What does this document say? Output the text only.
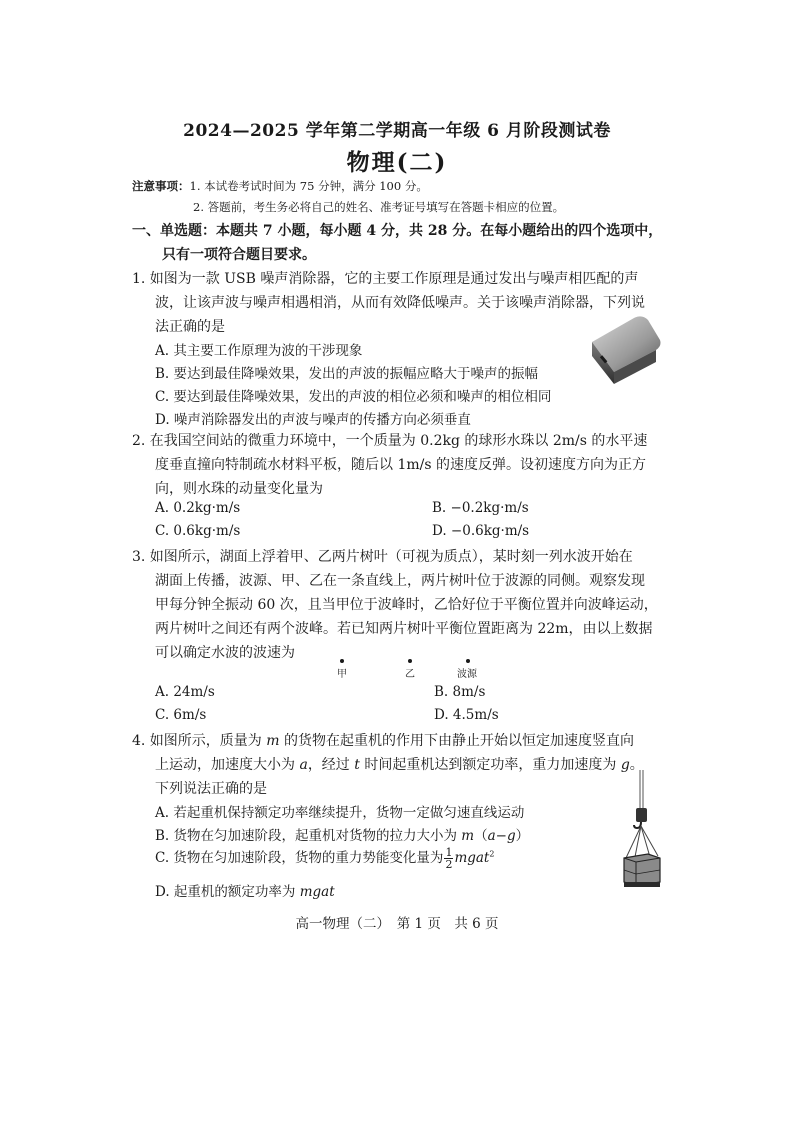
2024—2025 学年第二学期高一年级 6 月阶段测试卷
物理(二)
注意事项：1. 本试卷考试时间为 75 分钟，满分 100 分。
2. 答题前，考生务必将自己的姓名、准考证号填写在答题卡相应的位置。
一、单选题：本题共 7 小题，每小题 4 分，共 28 分。在每小题给出的四个选项中，
只有一项符合题目要求。
1. 如图为一款 USB 噪声消除器，它的主要工作原理是通过发出与噪声相匹配的声
波，让该声波与噪声相遇相消，从而有效降低噪声。关于该噪声消除器，下列说
法正确的是
A. 其主要工作原理为波的干涉现象
B. 要达到最佳降噪效果，发出的声波的振幅应略大于噪声的振幅
C. 要达到最佳降噪效果，发出的声波的相位必须和噪声的相位相同
D. 噪声消除器发出的声波与噪声的传播方向必须垂直
2. 在我国空间站的微重力环境中，一个质量为 0.2kg 的球形水珠以 2m/s 的水平速
度垂直撞向特制疏水材料平板，随后以 1m/s 的速度反弹。设初速度方向为正方
向，则水珠的动量变化量为
A. 0.2kg·m/s	B. −0.2kg·m/s
C. 0.6kg·m/s	D. −0.6kg·m/s
3. 如图所示，湖面上浮着甲、乙两片树叶（可视为质点），某时刻一列水波开始在
湖面上传播，波源、甲、乙在一条直线上，两片树叶位于波源的同侧。观察发现
甲每分钟全振动 60 次，且当甲位于波峰时，乙恰好位于平衡位置并向波峰运动，
两片树叶之间还有两个波峰。若已知两片树叶平衡位置距离为 22m，由以上数据
可以确定水波的波速为
甲	乙	波源
A. 24m/s	B. 8m/s
C. 6m/s	D. 4.5m/s
4. 如图所示，质量为 m 的货物在起重机的作用下由静止开始以恒定加速度竖直向
上运动，加速度大小为 a，经过 t 时间起重机达到额定功率，重力加速度为 g。
下列说法正确的是
A. 若起重机保持额定功率继续提升，货物一定做匀速直线运动
B. 货物在匀加速阶段，起重机对货物的拉力大小为 m（a−g）
C. 货物在匀加速阶段，货物的重力势能变化量为 $\frac{1}{2}$ mgat$^2$
D. 起重机的额定功率为 mgat
高一物理（二）　第 1 页　共 6 页
